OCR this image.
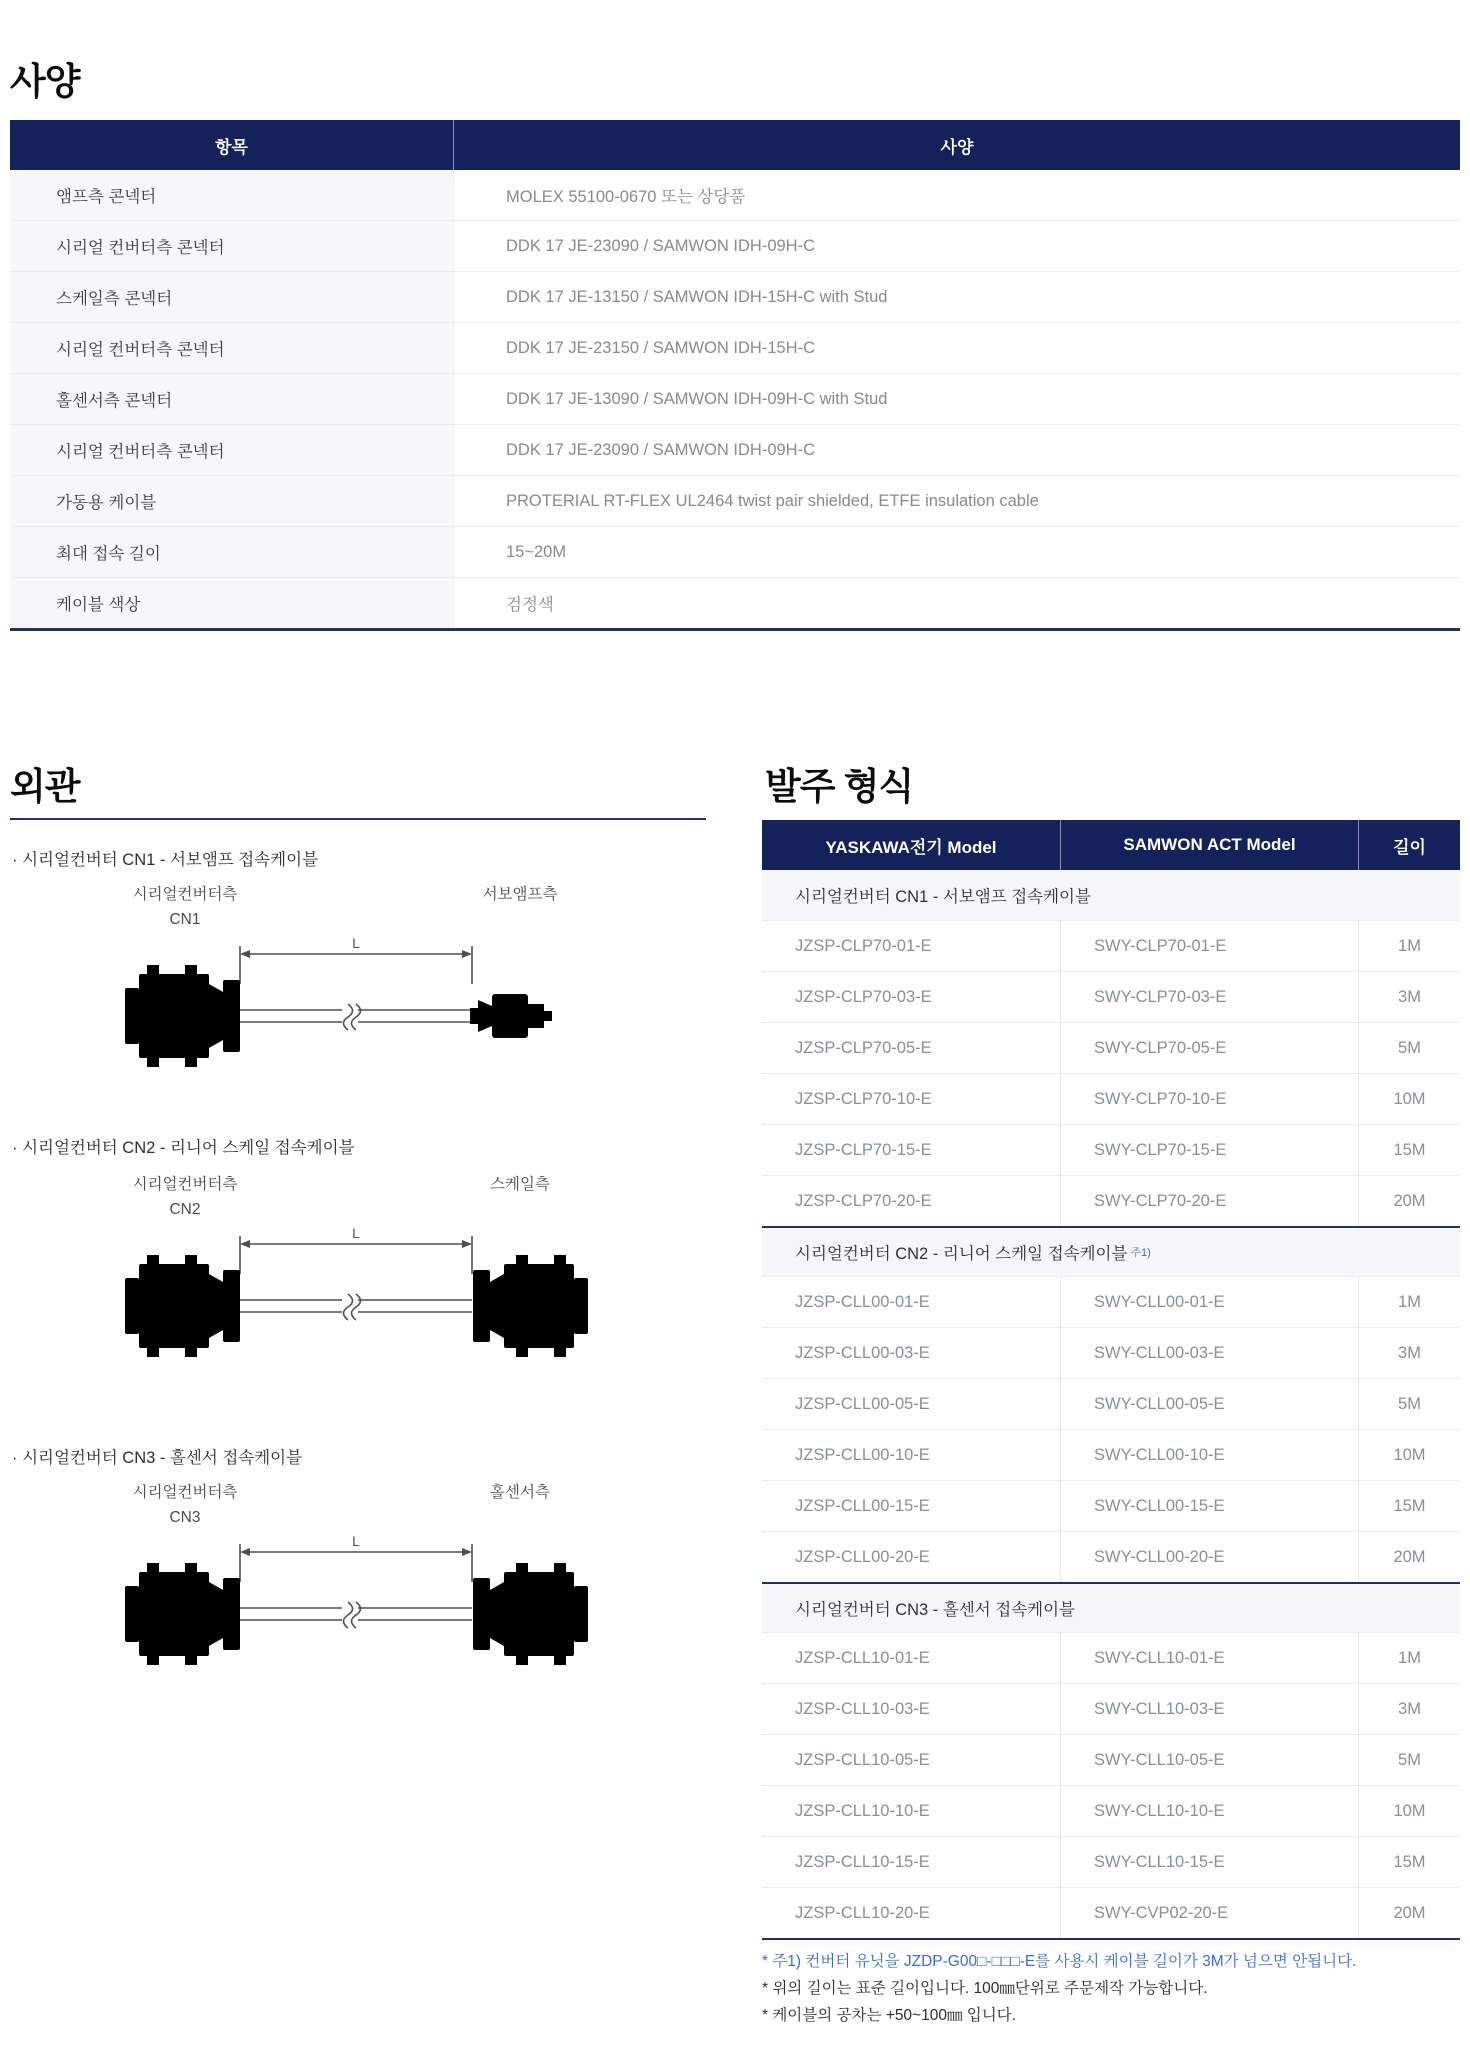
사양
항목	사양
앰프측 콘넥터	MOLEX 55100-0670 또는 상당품
시리얼 컨버터측 콘넥터	DDK 17 JE-23090 / SAMWON IDH-09H-C
스케일측 콘넥터	DDK 17 JE-13150 / SAMWON IDH-15H-C with Stud
시리얼 컨버터측 콘넥터	DDK 17 JE-23150 / SAMWON IDH-15H-C
홀센서측 콘넥터	DDK 17 JE-13090 / SAMWON IDH-09H-C with Stud
시리얼 컨버터측 콘넥터	DDK 17 JE-23090 / SAMWON IDH-09H-C
가동용 케이블	PROTERIAL RT-FLEX UL2464 twist pair shielded, ETFE insulation cable
최대 접속 길이	15~20M
케이블 색상	검정색
외관
· 시리얼컨버터 CN1 - 서보앰프 접속케이블
시리얼컨버터측
CN1
서보앰프측
L
· 시리얼컨버터 CN2 - 리니어 스케일 접속케이블
시리얼컨버터측
CN2
스케일측
L
· 시리얼컨버터 CN3 - 홀센서 접속케이블
시리얼컨버터측
CN3
홀센서측
L
발주 형식
YASKAWA전기 Model	SAMWON ACT Model	길이
시리얼컨버터 CN1 - 서보앰프 접속케이블
JZSP-CLP70-01-E	SWY-CLP70-01-E	1M
JZSP-CLP70-03-E	SWY-CLP70-03-E	3M
JZSP-CLP70-05-E	SWY-CLP70-05-E	5M
JZSP-CLP70-10-E	SWY-CLP70-10-E	10M
JZSP-CLP70-15-E	SWY-CLP70-15-E	15M
JZSP-CLP70-20-E	SWY-CLP70-20-E	20M
시리얼컨버터 CN2 - 리니어 스케일 접속케이블 주1)
JZSP-CLL00-01-E	SWY-CLL00-01-E	1M
JZSP-CLL00-03-E	SWY-CLL00-03-E	3M
JZSP-CLL00-05-E	SWY-CLL00-05-E	5M
JZSP-CLL00-10-E	SWY-CLL00-10-E	10M
JZSP-CLL00-15-E	SWY-CLL00-15-E	15M
JZSP-CLL00-20-E	SWY-CLL00-20-E	20M
시리얼컨버터 CN3 - 홀센서 접속케이블
JZSP-CLL10-01-E	SWY-CLL10-01-E	1M
JZSP-CLL10-03-E	SWY-CLL10-03-E	3M
JZSP-CLL10-05-E	SWY-CLL10-05-E	5M
JZSP-CLL10-10-E	SWY-CLL10-10-E	10M
JZSP-CLL10-15-E	SWY-CLL10-15-E	15M
JZSP-CLL10-20-E	SWY-CVP02-20-E	20M
* 주1) 컨버터 유닛을 JZDP-G00□-□□□-E를 사용시 케이블 길이가 3M가 넘으면 안됩니다.
* 위의 길이는 표준 길이입니다. 100㎜단위로 주문제작 가능합니다.
* 케이블의 공차는 +50~100㎜ 입니다.
